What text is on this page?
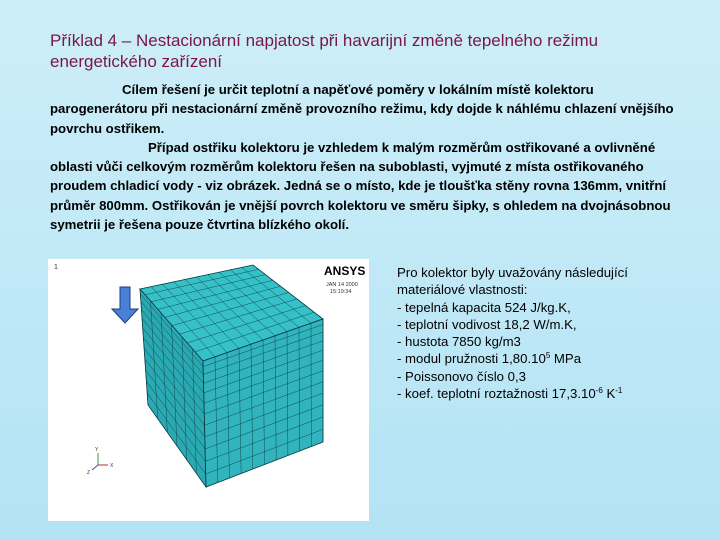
Příklad 4 – Nestacionární napjatost při havarijní změně tepelného režimu energetického zařízení

Cílem řešení je určit teplotní a napěťové poměry v lokálním místě kolektoru parogenerátoru při nestacionární změně provozního režimu, kdy dojde k náhlému chlazení vnějšího povrchu ostřikem.

Případ ostřiku kolektoru je vzhledem k malým rozměrům ostřikované a ovlivněné oblasti vůči celkovým rozměrům kolektoru řešen na suboblasti, vyjmuté z místa ostřikovaného proudem chladicí vody - viz obrázek. Jedná se o místo, kde je tloušťka stěny rovna 136mm, vnitřní průměr 800mm. Ostřikován je vnější povrch kolektoru ve směru šipky, s ohledem na dvojnásobnou symetrii je řešena pouze čtvrtina blízkého okolí.

1	ANSYS
JAN 14 2000
15:19:34
Y
Z
X
Pro kolektor byly uvažovány následující
materiálové vlastnosti:
- tepelná kapacita 524 J/kg.K,
- teplotní vodivost 18,2 W/m.K,
- hustota 7850 kg/m3
- modul pružnosti 1,80.10$^5$ MPa
- Poissonovo číslo 0,3
- koef. teplotní roztažnosti $17,3.10^{-6}$ $K^{-1}$
